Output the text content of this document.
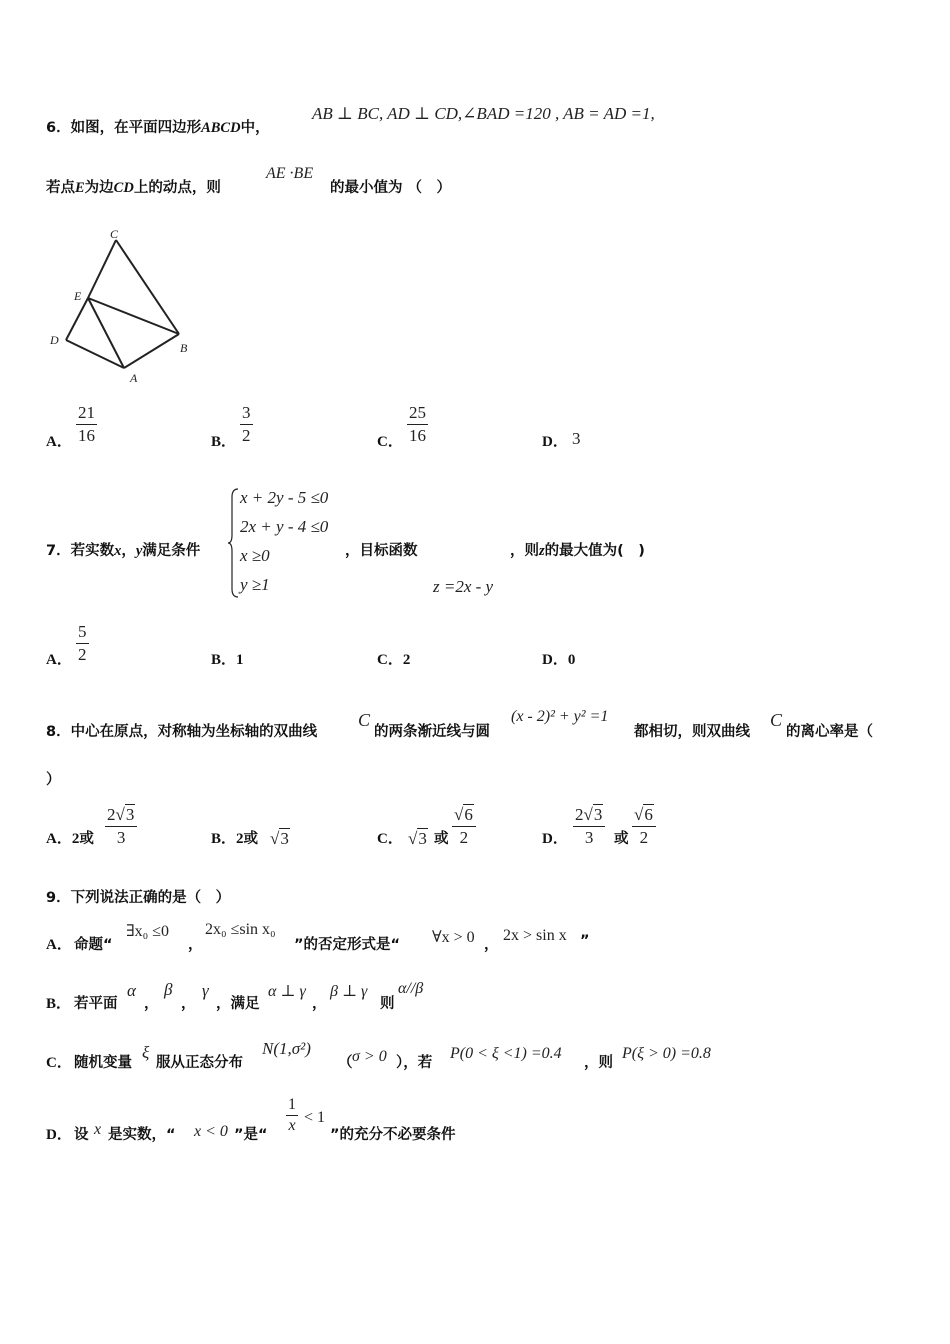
6．如图，在平面四边形ABCD中，
AB ⊥ BC, AD ⊥ CD,∠BAD =120 , AB = AD =1,
若点E为边CD上的动点，则
AE ·BE
的最小值为 （　）
C
E
D
B
A
A．
21
16	B．
3
2	C．
25
16	D． 3
7．若实数x，y满足条件
x + 2y - 5 ≤0
2x + y - 4 ≤0
x ≥0
y ≥1
，目标函数	，则z的最大值为(　)
z =2x - y
A．
5
2	B．1	C．2	D．0
8．中心在原点，对称轴为坐标轴的双曲线
C
的两条渐近线与圆
(x - 2)² + y² =1
都相切，则双曲线
C
的离心率是（
）
A．2或
2√3
3	B．2或 √3	C． √3 或
√6
2	D．
2√3
3	或
√6
2
9．下列说法正确的是（　）
A． 命题“
∃x₀ ≤0
，
2x₀ ≤sin x₀
”的否定形式是“ ∀x > 0 ，
2x > sin x ”
B． 若平面
α
，
β
，
γ
，满足
α ⊥ γ
，
β ⊥ γ
则
α//β
C． 随机变量
ξ
服从正态分布
N(1,σ²)
（ σ > 0 ），若
P(0 < ξ <1) =0.4
，则
P(ξ > 0) =0.8
D． 设 x 是实数，“ x < 0 ”是“
1
x < 1
”的充分不必要条件
